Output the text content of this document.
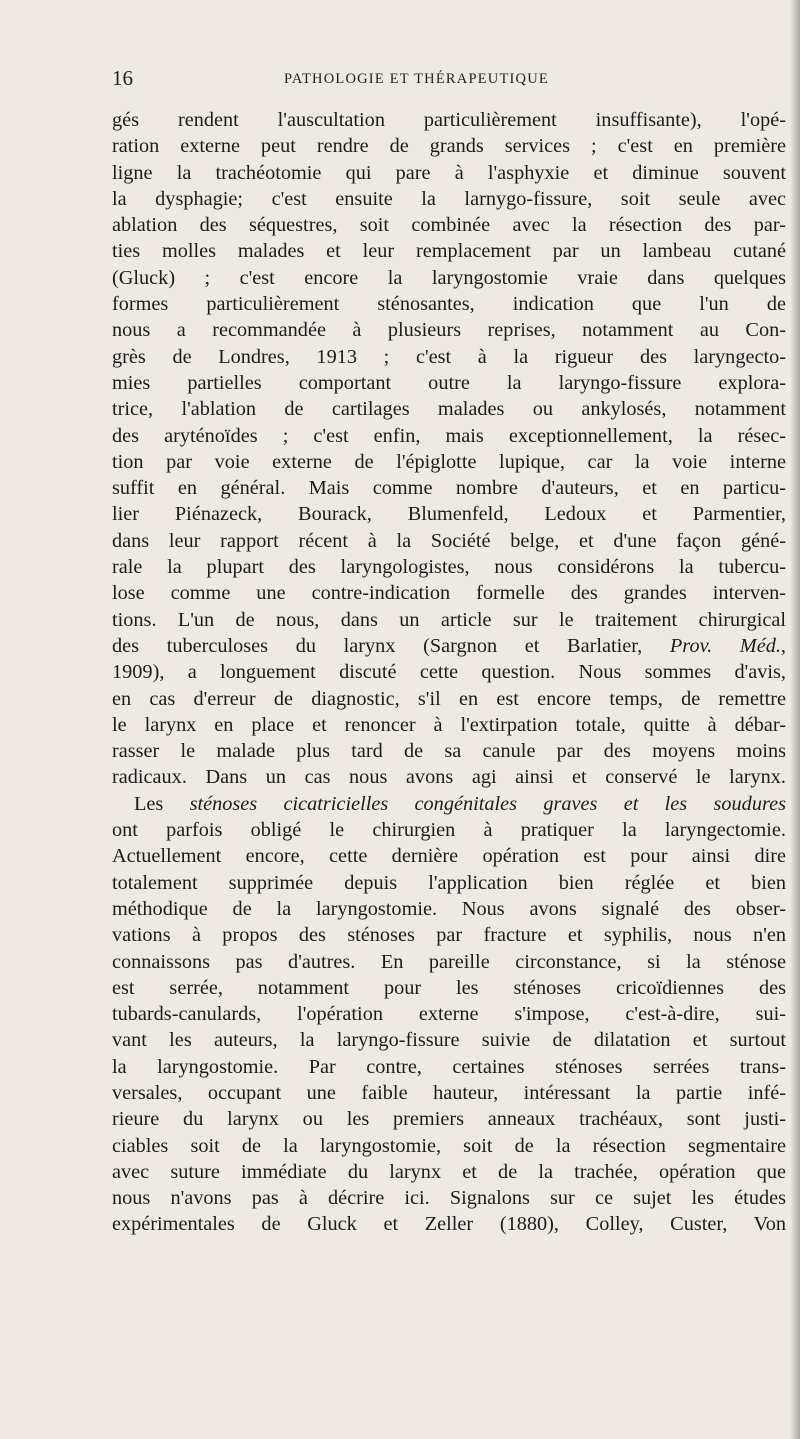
16	PATHOLOGIE ET THÉRAPEUTIQUE
gés rendent l'auscultation particulièrement insuffisante), l'opé-
ration externe peut rendre de grands services ; c'est en première
ligne la trachéotomie qui pare à l'asphyxie et diminue souvent
la dysphagie; c'est ensuite la larnygo-fissure, soit seule avec
ablation des séquestres, soit combinée avec la résection des par-
ties molles malades et leur remplacement par un lambeau cutané
(Gluck) ; c'est encore la laryngostomie vraie dans quelques
formes particulièrement sténosantes, indication que l'un de
nous a recommandée à plusieurs reprises, notamment au Con-
grès de Londres, 1913 ; c'est à la rigueur des laryngecto-
mies partielles comportant outre la laryngo-fissure explora-
trice, l'ablation de cartilages malades ou ankylosés, notamment
des aryténoïdes ; c'est enfin, mais exceptionnellement, la résec-
tion par voie externe de l'épiglotte lupique, car la voie interne
suffit en général. Mais comme nombre d'auteurs, et en particu-
lier Piénazeck, Bourack, Blumenfeld, Ledoux et Parmentier,
dans leur rapport récent à la Société belge, et d'une façon géné-
rale la plupart des laryngologistes, nous considérons la tubercu-
lose comme une contre-indication formelle des grandes interven-
tions. L'un de nous, dans un article sur le traitement chirurgical
des tuberculoses du larynx (Sargnon et Barlatier, Prov. Méd.,
1909), a longuement discuté cette question. Nous sommes d'avis,
en cas d'erreur de diagnostic, s'il en est encore temps, de remettre
le larynx en place et renoncer à l'extirpation totale, quitte à débar-
rasser le malade plus tard de sa canule par des moyens moins
radicaux. Dans un cas nous avons agi ainsi et conservé le larynx.
Les sténoses cicatricielles congénitales graves et les soudures
ont parfois obligé le chirurgien à pratiquer la laryngectomie.
Actuellement encore, cette dernière opération est pour ainsi dire
totalement supprimée depuis l'application bien réglée et bien
méthodique de la laryngostomie. Nous avons signalé des obser-
vations à propos des sténoses par fracture et syphilis, nous n'en
connaissons pas d'autres. En pareille circonstance, si la sténose
est serrée, notamment pour les sténoses cricoïdiennes des
tubards-canulards, l'opération externe s'impose, c'est-à-dire, sui-
vant les auteurs, la laryngo-fissure suivie de dilatation et surtout
la laryngostomie. Par contre, certaines sténoses serrées trans-
versales, occupant une faible hauteur, intéressant la partie infé-
rieure du larynx ou les premiers anneaux trachéaux, sont justi-
ciables soit de la laryngostomie, soit de la résection segmentaire
avec suture immédiate du larynx et de la trachée, opération que
nous n'avons pas à décrire ici. Signalons sur ce sujet les études
expérimentales de Gluck et Zeller (1880), Colley, Custer, Von
